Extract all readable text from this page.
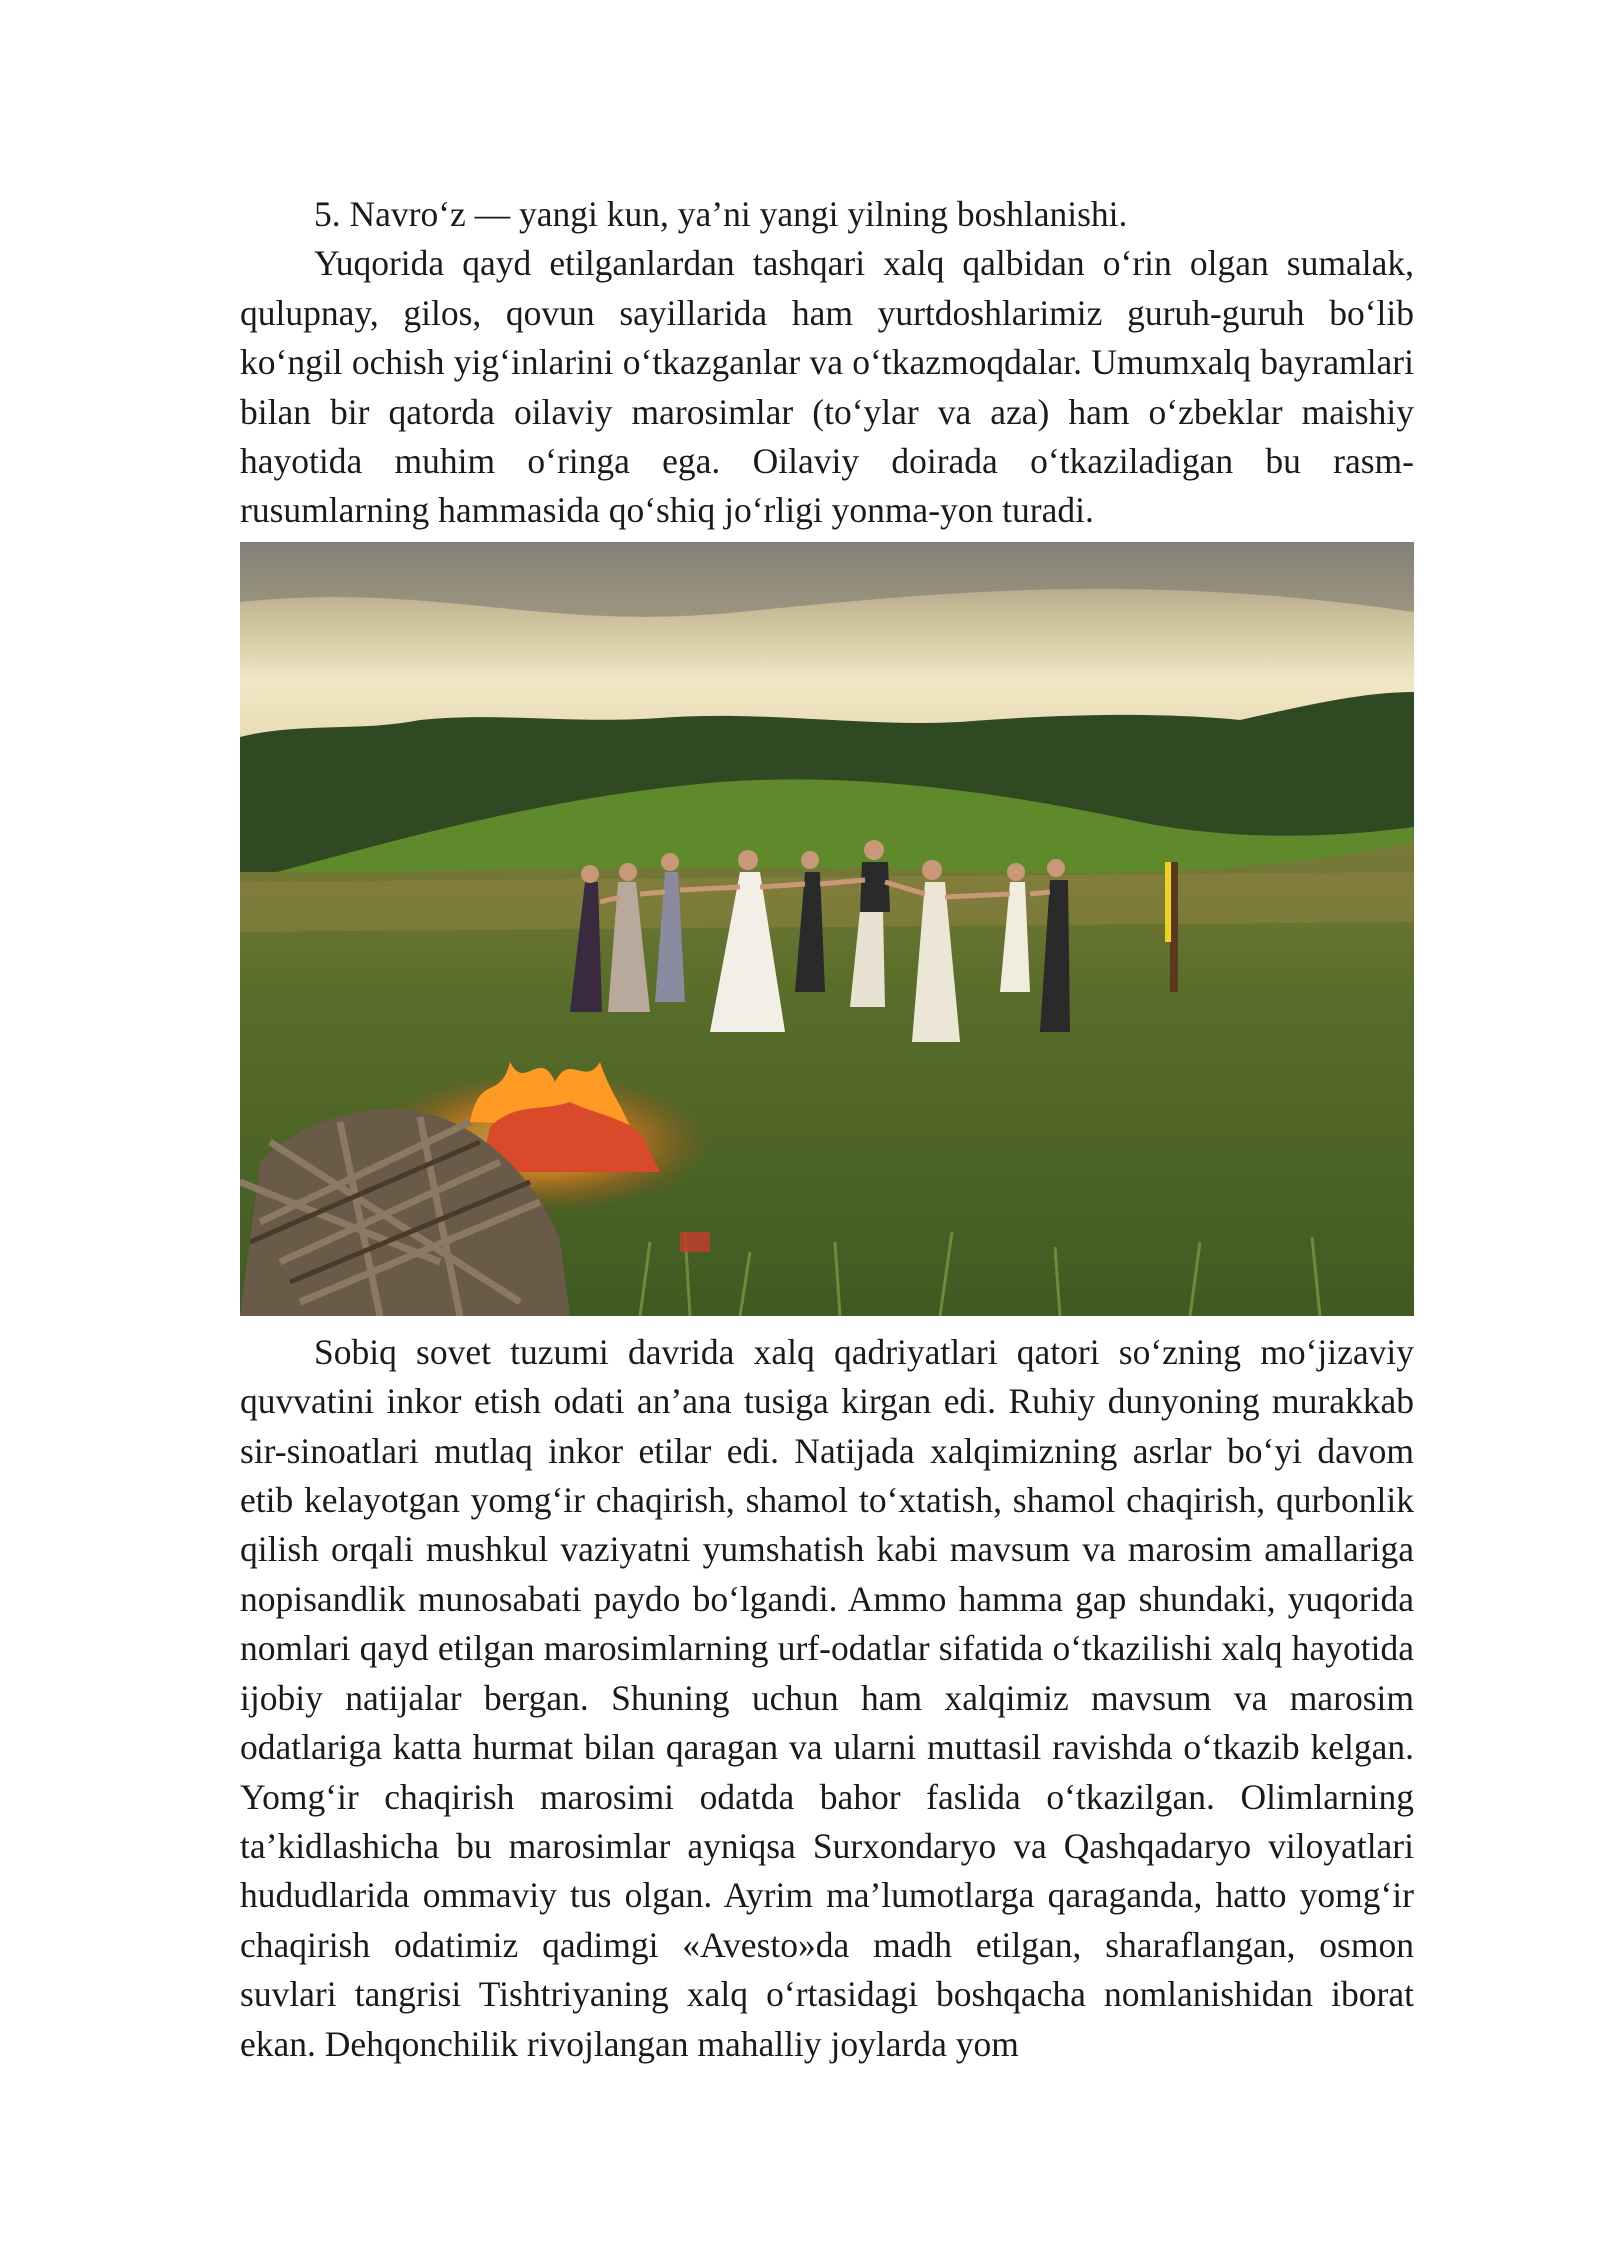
5. Navro‘z — yangi kun, ya’ni yangi yilning boshlanishi.

Yuqorida qayd etilganlardan tashqari xalq qalbidan o‘rin olgan sumalak, qulupnay, gilos, qovun sayillarida ham yurtdoshlarimiz guruh-guruh bo‘lib ko‘ngil ochish yig‘inlarini o‘tkazganlar va o‘tkazmoqdalar. Umumxalq bayramlari bilan bir qatorda oilaviy marosimlar (to‘ylar va aza) ham o‘zbeklar maishiy hayotida muhim o‘ringa ega. Oilaviy doirada o‘tkaziladigan bu rasm-rusumlarning hammasida qo‘shiq jo‘rligi yonma-yon turadi.

Sobiq sovet tuzumi davrida xalq qadriyatlari qatori so‘zning mo‘jizaviy quvvatini inkor etish odati an’ana tusiga kirgan edi. Ruhiy dunyoning murakkab sir-sinoatlari mutlaq inkor etilar edi. Natijada xalqimizning asrlar bo‘yi davom etib kelayotgan yomg‘ir chaqirish, shamol to‘xtatish, shamol chaqirish, qurbonlik qilish orqali mushkul vaziyatni yumshatish kabi mavsum va marosim amallariga nopisandlik munosabati paydo bo‘lgandi. Ammo hamma gap shundaki, yuqorida nomlari qayd etilgan marosimlarning urf-odatlar sifatida o‘tkazilishi xalq hayotida ijobiy natijalar bergan. Shuning uchun ham xalqimiz mavsum va marosim odatlariga katta hurmat bilan qaragan va ularni muttasil ravishda o‘tkazib kelgan. Yomg‘ir chaqirish marosimi odatda bahor faslida o‘tkazilgan. Olimlarning ta’kidlashicha bu marosimlar ayniqsa Surxondaryo va Qashqadaryo viloyatlari hududlarida ommaviy tus olgan. Ayrim ma’lumotlarga qaraganda, hatto yomg‘ir chaqirish odatimiz qadimgi «Avesto»da madh etilgan, sharaflangan, osmon suvlari tangrisi Tishtriyaning xalq o‘rtasidagi boshqacha nomlanishidan iborat ekan. Dehqonchilik rivojlangan mahalliy joylarda yom
